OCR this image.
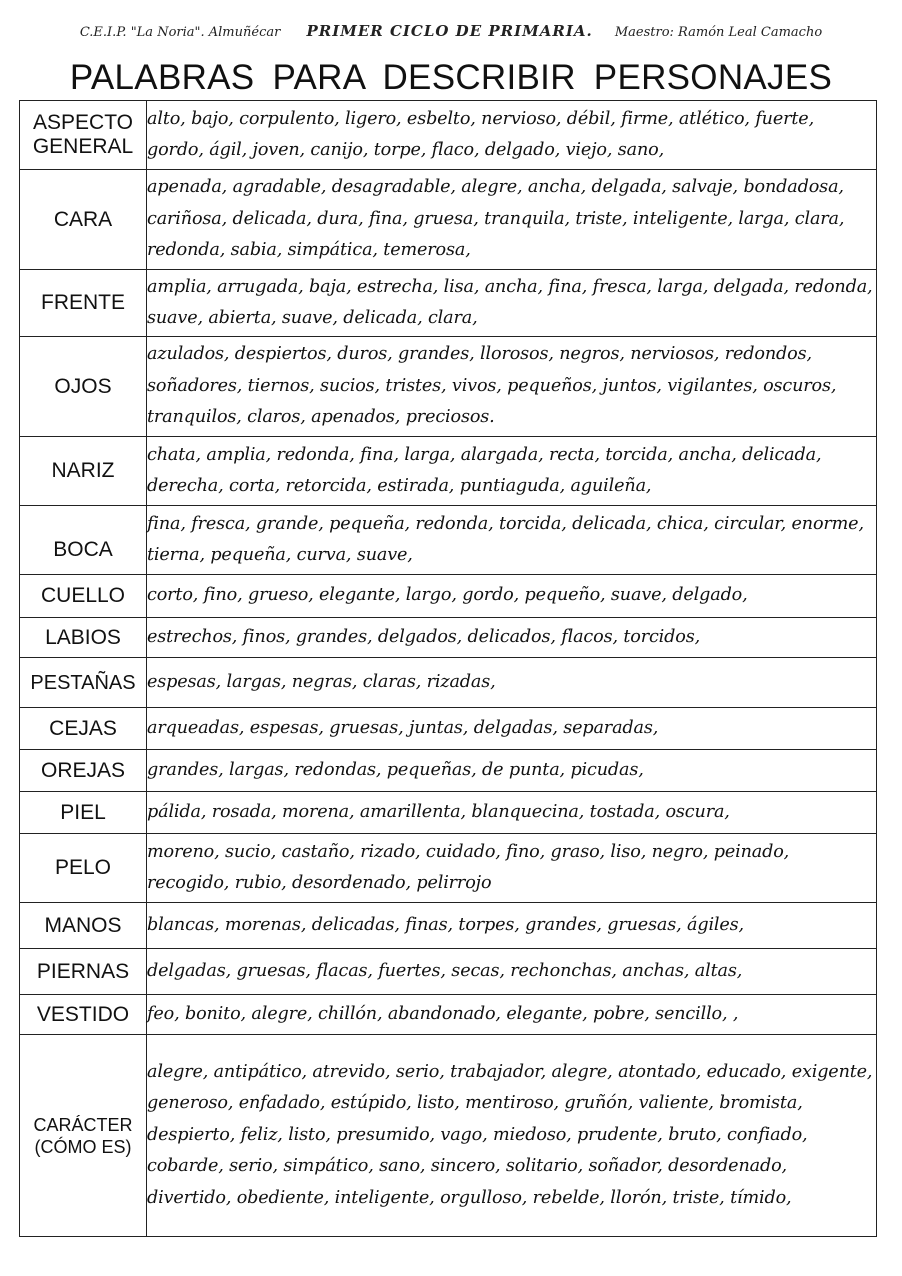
C.E.I.P. "La Noria". Almuñécar PRIMER CICLO DE PRIMARIA. Maestro: Ramón Leal Camacho
PALABRAS PARA DESCRIBIR PERSONAJES
ASPECTO GENERAL	alto, bajo, corpulento, ligero, esbelto, nervioso, débil, firme, atlético, fuerte, gordo, ágil, joven, canijo, torpe, flaco, delgado, viejo, sano,

CARA	apenada, agradable, desagradable, alegre, ancha, delgada, salvaje, bondadosa, cariñosa, delicada, dura, fina, gruesa, tranquila, triste, inteligente, larga, clara, redonda, sabia, simpática, temerosa,

FRENTE	amplia, arrugada, baja, estrecha, lisa, ancha, fina, fresca, larga, delgada, redonda, suave, abierta, suave, delicada, clara,

OJOS	azulados, despiertos, duros, grandes, llorosos, negros, nerviosos, redondos, soñadores, tiernos, sucios, tristes, vivos, pequeños, juntos, vigilantes, oscuros, tranquilos, claros, apenados, preciosos.

NARIZ	chata, amplia, redonda, fina, larga, alargada, recta, torcida, ancha, delicada, derecha, corta, retorcida, estirada, puntiaguda, aguileña,

BOCA	fina, fresca, grande, pequeña, redonda, torcida, delicada, chica, circular, enorme, tierna, pequeña, curva, suave,

CUELLO	corto, fino, grueso, elegante, largo, gordo, pequeño, suave, delgado,

LABIOS	estrechos, finos, grandes, delgados, delicados, flacos, torcidos,

PESTAÑAS	espesas, largas, negras, claras, rizadas,

CEJAS	arqueadas, espesas, gruesas, juntas, delgadas, separadas,

OREJAS	grandes, largas, redondas, pequeñas, de punta, picudas,

PIEL	pálida, rosada, morena, amarillenta, blanquecina, tostada, oscura,

PELO	moreno, sucio, castaño, rizado, cuidado, fino, graso, liso, negro, peinado, recogido, rubio, desordenado, pelirrojo

MANOS	blancas, morenas, delicadas, finas, torpes, grandes, gruesas, ágiles,

PIERNAS	delgadas, gruesas, flacas, fuertes, secas, rechonchas, anchas, altas,

VESTIDO	feo, bonito, alegre, chillón, abandonado, elegante, pobre, sencillo, ,

CARÁCTER (CÓMO ES)	alegre, antipático, atrevido, serio, trabajador, alegre, atontado, educado, exigente, generoso, enfadado, estúpido, listo, mentiroso, gruñón, valiente, bromista, despierto, feliz, listo, presumido, vago, miedoso, prudente, bruto, confiado, cobarde, serio, simpático, sano, sincero, solitario, soñador, desordenado, divertido, obediente, inteligente, orgulloso, rebelde, llorón, triste, tímido,
